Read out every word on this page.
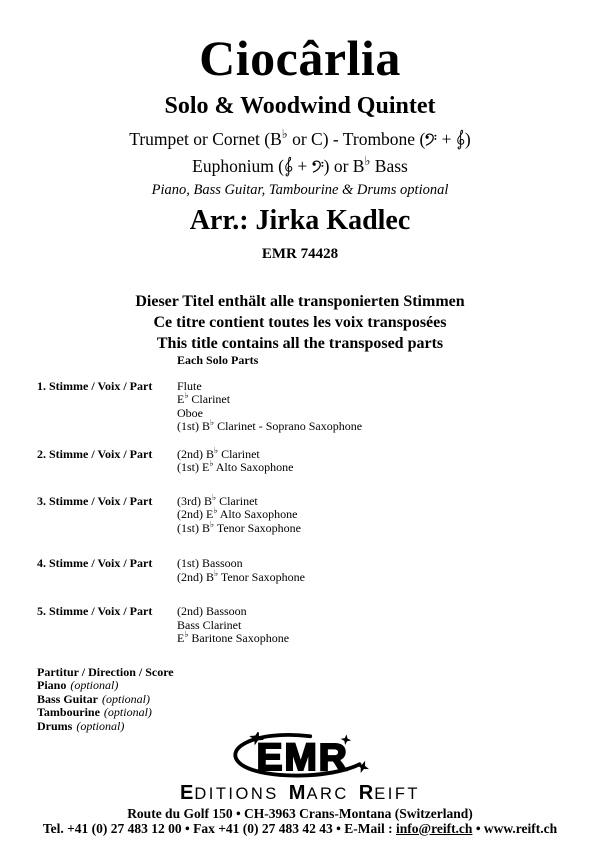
Ciocârlia
Solo & Woodwind Quintet
Trumpet or Cornet (B♭ or C) - Trombone ( + )
Euphonium ( + ) or B♭ Bass
Piano, Bass Guitar, Tambourine & Drums optional
Arr.: Jirka Kadlec
EMR 74428
Dieser Titel enthält alle transponierten Stimmen
Ce titre contient toutes les voix transposées
This title contains all the transposed parts
Each Solo Parts
1. Stimme / Voix / Part	Flute
E♭ Clarinet
Oboe
(1st) B♭ Clarinet - Soprano Saxophone
2. Stimme / Voix / Part	(2nd) B♭ Clarinet
(1st) E♭ Alto Saxophone
3. Stimme / Voix / Part	(3rd) B♭ Clarinet
(2nd) E♭ Alto Saxophone
(1st) B♭ Tenor Saxophone
4. Stimme / Voix / Part	(1st) Bassoon
(2nd) B♭ Tenor Saxophone
5. Stimme / Voix / Part	(2nd) Bassoon
Bass Clarinet
E♭ Baritone Saxophone
Partitur / Direction / Score
Piano (optional)
Bass Guitar (optional)
Tambourine (optional)
Drums (optional)
EMR
EDITIONS MARC REIFT
Route du Golf 150 • CH-3963 Crans-Montana (Switzerland)
Tel. +41 (0) 27 483 12 00 • Fax +41 (0) 27 483 42 43 • E-Mail : info@reift.ch • www.reift.ch
